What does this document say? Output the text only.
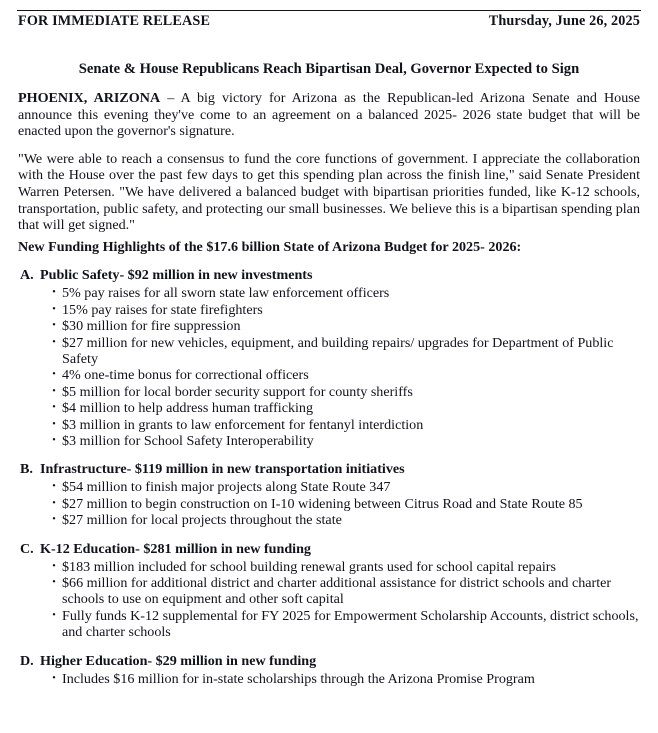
FOR IMMEDIATE RELEASE	Thursday, June 26, 2025
Senate & House Republicans Reach Bipartisan Deal, Governor Expected to Sign

PHOENIX, ARIZONA – A big victory for Arizona as the Republican-led Arizona Senate and House announce this evening they've come to an agreement on a balanced 2025- 2026 state budget that will be enacted upon the governor's signature.

"We were able to reach a consensus to fund the core functions of government. I appreciate the collaboration with the House over the past few days to get this spending plan across the finish line," said Senate President Warren Petersen. "We have delivered a balanced budget with bipartisan priorities funded, like K-12 schools, transportation, public safety, and protecting our small businesses. We believe this is a bipartisan spending plan that will get signed."

New Funding Highlights of the $17.6 billion State of Arizona Budget for 2025- 2026:
A. Public Safety- $92 million in new investments
• 5% pay raises for all sworn state law enforcement officers
• 15% pay raises for state firefighters
• $30 million for fire suppression
• $27 million for new vehicles, equipment, and building repairs/ upgrades for Department of Public Safety
• 4% one-time bonus for correctional officers
• $5 million for local border security support for county sheriffs
• $4 million to help address human trafficking
• $3 million in grants to law enforcement for fentanyl interdiction
• $3 million for School Safety Interoperability
B. Infrastructure- $119 million in new transportation initiatives
• $54 million to finish major projects along State Route 347
• $27 million to begin construction on I-10 widening between Citrus Road and State Route 85
• $27 million for local projects throughout the state
C. K-12 Education- $281 million in new funding
• $183 million included for school building renewal grants used for school capital repairs
• $66 million for additional district and charter additional assistance for district schools and charter schools to use on equipment and other soft capital
• Fully funds K-12 supplemental for FY 2025 for Empowerment Scholarship Accounts, district schools, and charter schools
D. Higher Education- $29 million in new funding
• Includes $16 million for in-state scholarships through the Arizona Promise Program
